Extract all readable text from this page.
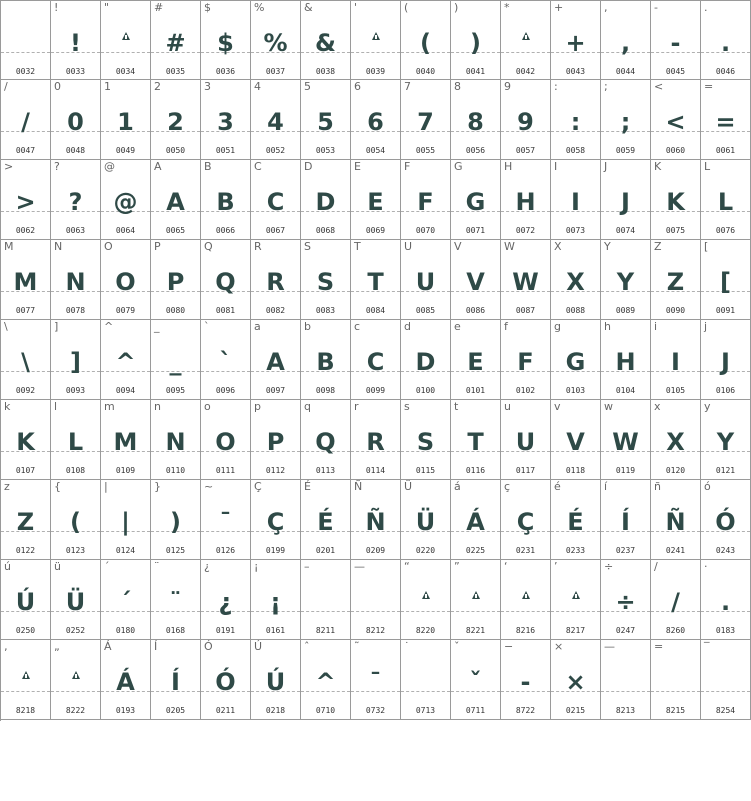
0032
!
!
0033
"
0034
#
#
0035
$
$
0036
%
%
0037
&
&
0038
'
0039
(
(
0040
)
)
0041
*
0042
+
+
0043
,
,
0044
-
-
0045
.
.
0046
/
/
0047
0
0
0048
1
1
0049
2
2
0050
3
3
0051
4
4
0052
5
5
0053
6
6
0054
7
7
0055
8
8
0056
9
9
0057
:
:
0058
;
;
0059
<
<
0060
=
=
0061
>
>
0062
?
?
0063
@
@
0064
A
A
0065
B
B
0066
C
C
0067
D
D
0068
E
E
0069
F
F
0070
G
G
0071
H
H
0072
I
I
0073
J
J
0074
K
K
0075
L
L
0076
M
M
0077
N
N
0078
O
O
0079
P
P
0080
Q
Q
0081
R
R
0082
S
S
0083
T
T
0084
U
U
0085
V
V
0086
W
W
0087
X
X
0088
Y
Y
0089
Z
Z
0090
[
[
0091
\
\
0092
]
]
0093
^
^
0094
_
_
0095
`
`
0096
a
A
0097
b
B
0098
c
C
0099
d
D
0100
e
E
0101
f
F
0102
g
G
0103
h
H
0104
i
I
0105
j
J
0106
k
K
0107
l
L
0108
m
M
0109
n
N
0110
o
O
0111
p
P
0112
q
Q
0113
r
R
0114
s
S
0115
t
T
0116
u
U
0117
v
V
0118
w
W
0119
x
X
0120
y
Y
0121
z
Z
0122
{
(
0123
|
|
0124
}
)
0125
~
¯
0126
Ç
Ç
0199
É
É
0201
Ñ
Ñ
0209
Ü
Ü
0220
á
Á
0225
ç
Ç
0231
é
É
0233
í
Í
0237
ñ
Ñ
0241
ó
Ó
0243
ú
Ú
0250
ü
Ü
0252
´
´
0180
¨
¨
0168
¿
¿
0191
¡
¡
0161
–
8211
—
8212
“
8220
”
8221
‘
8216
’
8217
÷
÷
0247
∕
/
8260
·
.
0183
‚
8218
„
8222
Á
Á
0193
Í
Í
0205
Ó
Ó
0211
Ú
Ú
0218
ˆ
^
0710
˜
¯
0732
˙
0713
ˇ
ˇ
0711
−
-
8722
×
×
0215
—
8213
=
8215
‾
8254
